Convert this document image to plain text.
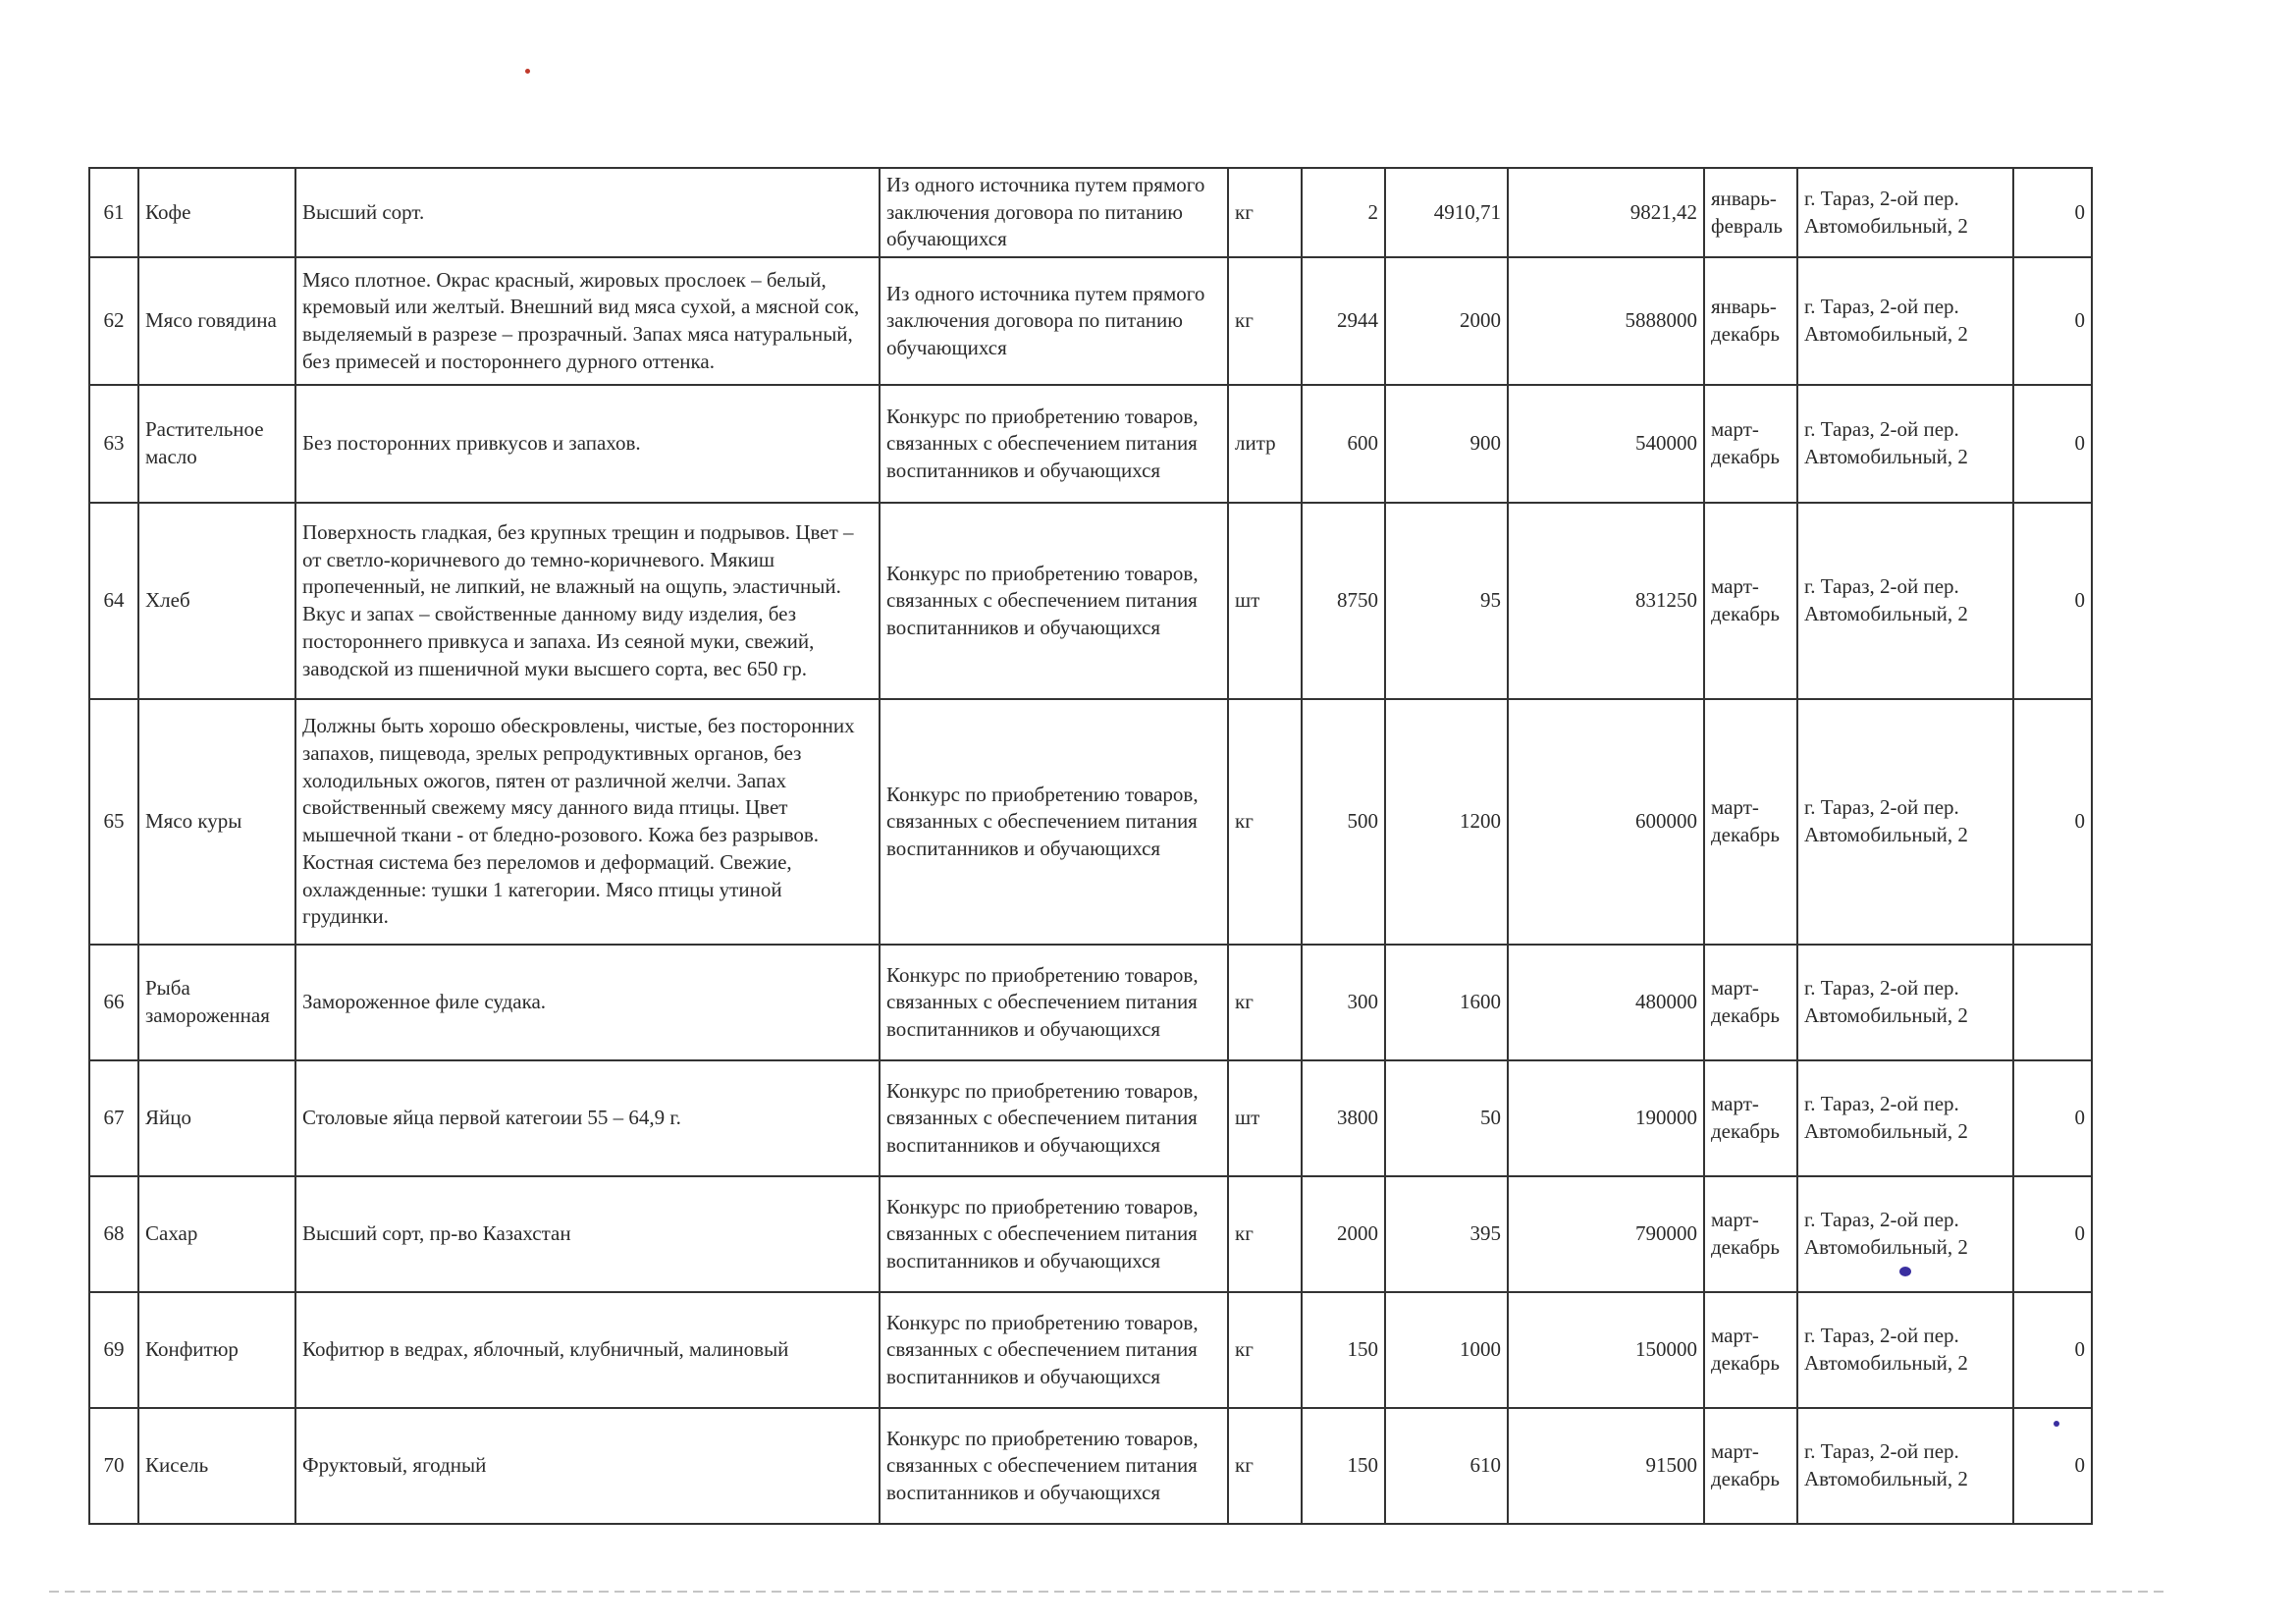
61	Кофе	Высший сорт.	Из одного источника путем прямого заключения договора по питанию обучающихся	кг	2	4910,71	9821,42	январь-февраль	г. Тараз, 2-ой пер. Автомобильный, 2	0
62	Мясо говядина	Мясо плотное. Окрас красный, жировых прослоек – белый, кремовый или желтый. Внешний вид мяса сухой, а мясной сок, выделяемый в разрезе – прозрачный. Запах мяса натуральный, без примесей и постороннего дурного оттенка.	Из одного источника путем прямого заключения договора по питанию обучающихся	кг	2944	2000	5888000	январь-декабрь	г. Тараз, 2-ой пер. Автомобильный, 2	0
63	Растительное масло	Без посторонних привкусов и запахов.	Конкурс по приобретению товаров, связанных с обеспечением питания воспитанников и обучающихся	литр	600	900	540000	март-декабрь	г. Тараз, 2-ой пер. Автомобильный, 2	0
64	Хлеб	Поверхность гладкая, без крупных трещин и подрывов. Цвет – от светло-коричневого до темно-коричневого. Мякиш пропеченный, не липкий, не влажный на ощупь, эластичный. Вкус и запах – свойственные данному виду изделия, без постороннего привкуса и запаха. Из сеяной муки, свежий, заводской из пшеничной муки высшего сорта, вес 650 гр.	Конкурс по приобретению товаров, связанных с обеспечением питания воспитанников и обучающихся	шт	8750	95	831250	март-декабрь	г. Тараз, 2-ой пер. Автомобильный, 2	0
65	Мясо куры	Должны быть хорошо обескровлены, чистые, без посторонних запахов, пищевода, зрелых репродуктивных органов, без холодильных ожогов, пятен от различной желчи. Запах свойственный свежему мясу данного вида птицы. Цвет мышечной ткани - от бледно-розового. Кожа без разрывов. Костная система без переломов и деформаций. Свежие, охлажденные: тушки 1 категории. Мясо птицы утиной грудинки.	Конкурс по приобретению товаров, связанных с обеспечением питания воспитанников и обучающихся	кг	500	1200	600000	март-декабрь	г. Тараз, 2-ой пер. Автомобильный, 2	0
66	Рыба замороженная	Замороженное филе судака.	Конкурс по приобретению товаров, связанных с обеспечением питания воспитанников и обучающихся	кг	300	1600	480000	март-декабрь	г. Тараз, 2-ой пер. Автомобильный, 2	
67	Яйцо	Столовые яйца первой категоии 55 – 64,9 г.	Конкурс по приобретению товаров, связанных с обеспечением питания воспитанников и обучающихся	шт	3800	50	190000	март-декабрь	г. Тараз, 2-ой пер. Автомобильный, 2	0
68	Сахар	Высший сорт, пр-во Казахстан	Конкурс по приобретению товаров, связанных с обеспечением питания воспитанников и обучающихся	кг	2000	395	790000	март-декабрь	г. Тараз, 2-ой пер. Автомобильный, 2	0
69	Конфитюр	Кофитюр в ведрах, яблочный, клубничный, малиновый	Конкурс по приобретению товаров, связанных с обеспечением питания воспитанников и обучающихся	кг	150	1000	150000	март-декабрь	г. Тараз, 2-ой пер. Автомобильный, 2	0
70	Кисель	Фруктовый, ягодный	Конкурс по приобретению товаров, связанных с обеспечением питания воспитанников и обучающихся	кг	150	610	91500	март-декабрь	г. Тараз, 2-ой пер. Автомобильный, 2	0
